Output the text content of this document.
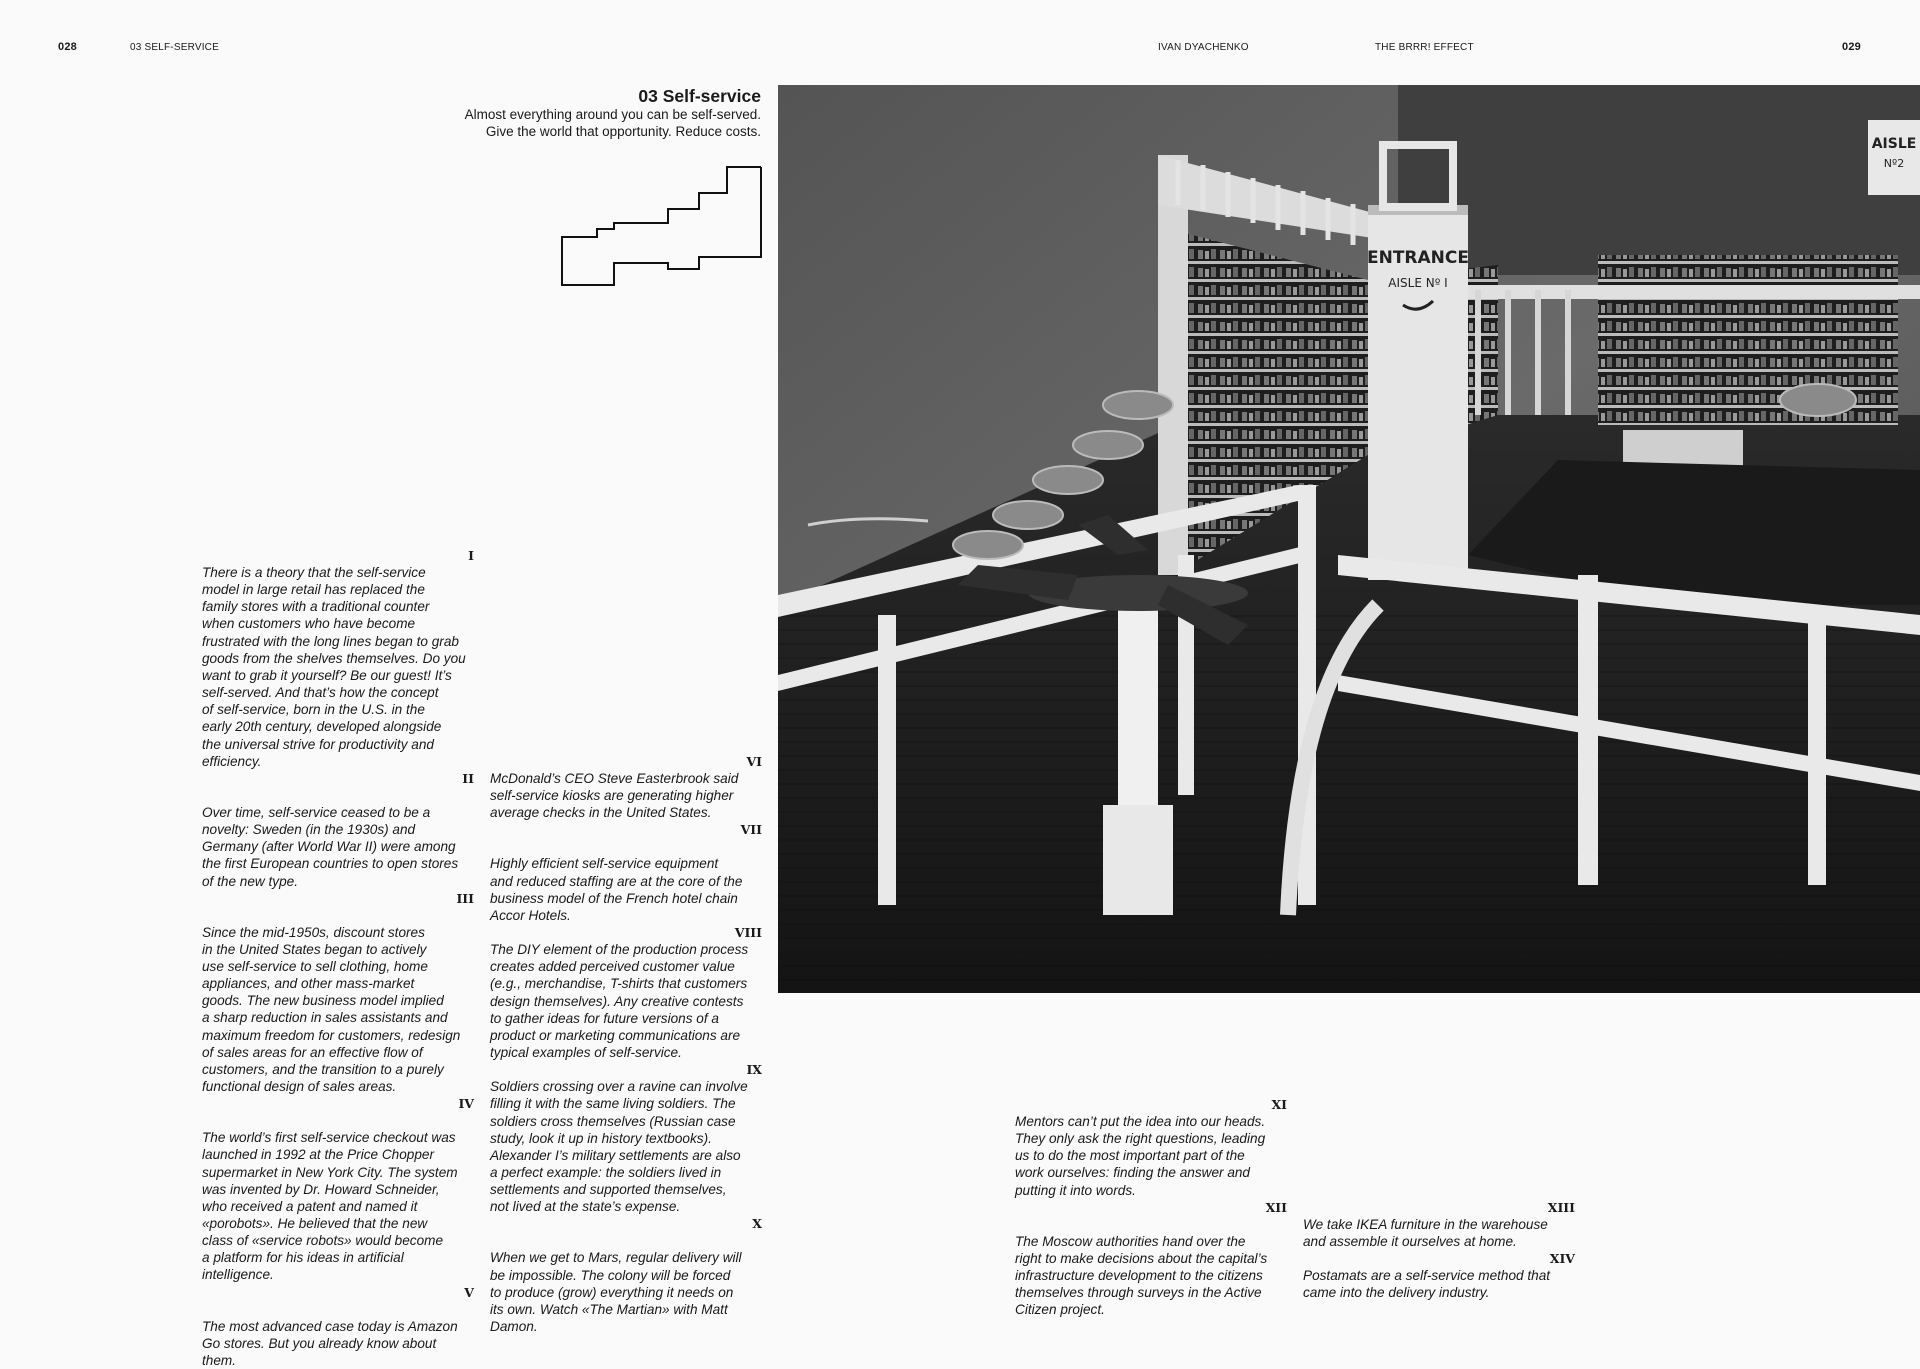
028	03 SELF-SERVICE	IVAN DYACHENKO	THE BRRR! EFFECT	029
03 Self-service

Almost everything around you can be self-served.

Give the world that opportunity. Reduce costs.

ENTRANCE
AISLE Nº I
AISLE
Nº2
I
There is a theory that the self-service
model in large retail has replaced the
family stores with a traditional counter
when customers who have become
frustrated with the long lines began to grab
goods from the shelves themselves. Do you
want to grab it yourself? Be our guest! It’s
self-served. And that’s how the concept
of self-service, born in the U.S. in the
early 20th century, developed alongside
the universal strive for productivity and
efficiency.
II
Over time, self-service ceased to be a
novelty: Sweden (in the 1930s) and
Germany (after World War II) were among
the first European countries to open stores
of the new type.
III
Since the mid-1950s, discount stores
in the United States began to actively
use self-service to sell clothing, home
appliances, and other mass-market
goods. The new business model implied
a sharp reduction in sales assistants and
maximum freedom for customers, redesign
of sales areas for an effective flow of
customers, and the transition to a purely
functional design of sales areas.
IV
The world’s first self-service checkout was
launched in 1992 at the Price Chopper
supermarket in New York City. The system
was invented by Dr. Howard Schneider,
who received a patent and named it
«porobots». He believed that the new
class of «service robots» would become
a platform for his ideas in artificial
intelligence.
V
The most advanced case today is Amazon
Go stores. But you already know about
them.
VI
McDonald’s CEO Steve Easterbrook said
self-service kiosks are generating higher
average checks in the United States.
VII
Highly efficient self-service equipment
and reduced staffing are at the core of the
business model of the French hotel chain
Accor Hotels.
VIII
The DIY element of the production process
creates added perceived customer value
(e.g., merchandise, T-shirts that customers
design themselves). Any creative contests
to gather ideas for future versions of a
product or marketing communications are
typical examples of self-service.
IX
Soldiers crossing over a ravine can involve
filling it with the same living soldiers. The
soldiers cross themselves (Russian case
study, look it up in history textbooks).
Alexander I’s military settlements are also
a perfect example: the soldiers lived in
settlements and supported themselves,
not lived at the state’s expense.
X
When we get to Mars, regular delivery will
be impossible. The colony will be forced
to produce (grow) everything it needs on
its own. Watch «The Martian» with Matt
Damon.
XI
Mentors can’t put the idea into our heads.
They only ask the right questions, leading
us to do the most important part of the
work ourselves: finding the answer and
putting it into words.
XII
The Moscow authorities hand over the
right to make decisions about the capital’s
infrastructure development to the citizens
themselves through surveys in the Active
Citizen project.
XIII
We take IKEA furniture in the warehouse
and assemble it ourselves at home.
XIV
Postamats are a self-service method that
came into the delivery industry.
